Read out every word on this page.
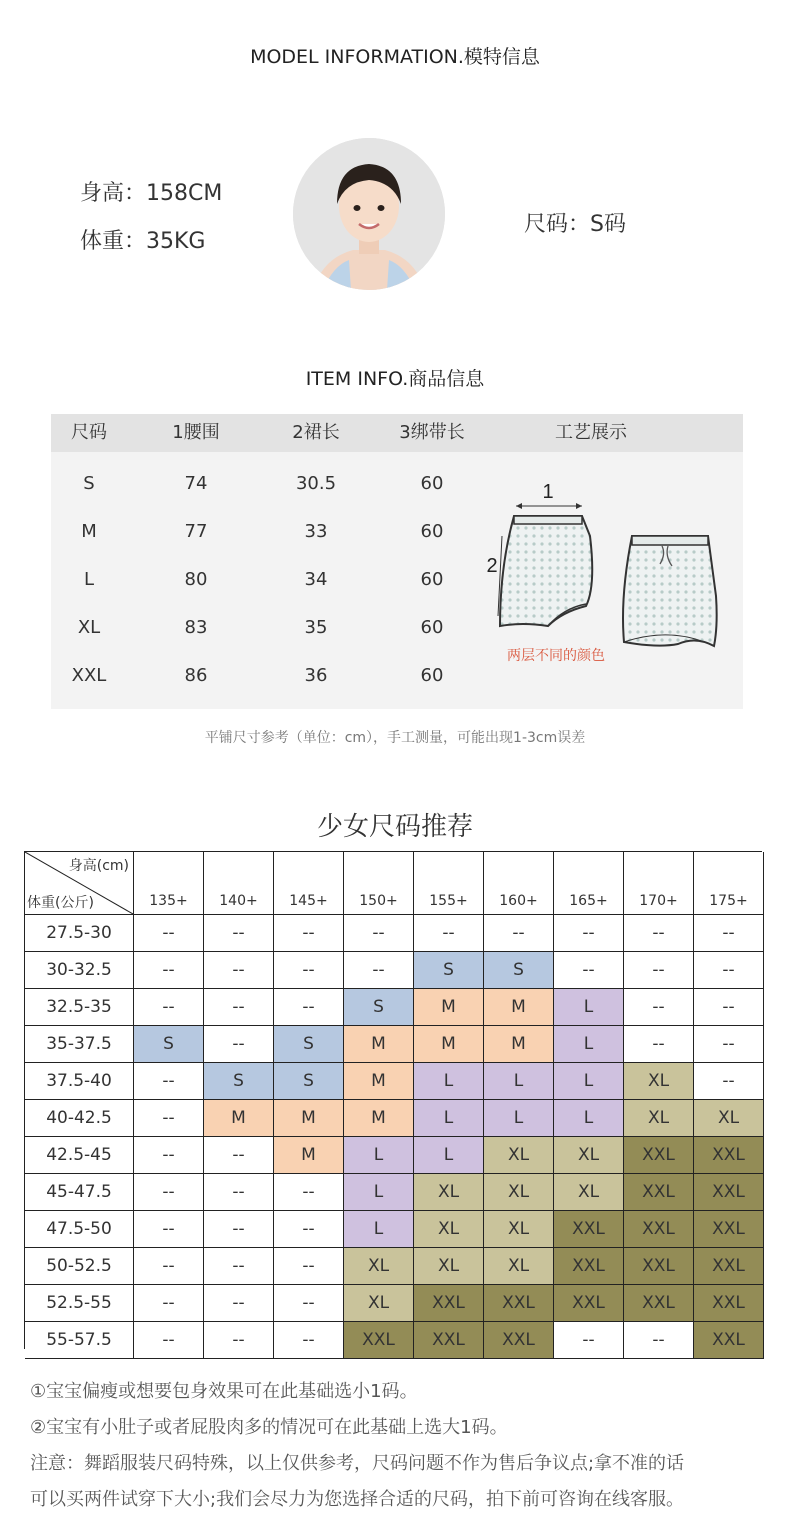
MODEL INFORMATION.模特信息
身高：158CM
体重：35KG
尺码：S码
ITEM INFO.商品信息
尺码	1腰围	2裙长	3绑带长	工艺展示
S	74	30.5	60
M	77	33	60
L	80	34	60
XL	83	35	60
XXL	86	36	60
1
2
两层不同的颜色
平铺尺寸参考（单位：cm），手工测量，可能出现1-3cm误差
少女尺码推荐
身高(cm)
体重(公斤)	135+	140+	145+	150+	155+	160+	165+	170+	175+
27.5-30	--	--	--	--	--	--	--	--	--
30-32.5	--	--	--	--	S	S	--	--	--
32.5-35	--	--	--	S	M	M	L	--	--
35-37.5	S	--	S	M	M	M	L	--	--
37.5-40	--	S	S	M	L	L	L	XL	--
40-42.5	--	M	M	M	L	L	L	XL	XL
42.5-45	--	--	M	L	L	XL	XL	XXL	XXL
45-47.5	--	--	--	L	XL	XL	XL	XXL	XXL
47.5-50	--	--	--	L	XL	XL	XXL	XXL	XXL
50-52.5	--	--	--	XL	XL	XL	XXL	XXL	XXL
52.5-55	--	--	--	XL	XXL	XXL	XXL	XXL	XXL
55-57.5	--	--	--	XXL	XXL	XXL	--	--	XXL
①宝宝偏瘦或想要包身效果可在此基础选小1码。
②宝宝有小肚子或者屁股肉多的情况可在此基础上选大1码。
注意：舞蹈服装尺码特殊，以上仅供参考，尺码问题不作为售后争议点;拿不准的话
可以买两件试穿下大小;我们会尽力为您选择合适的尺码，拍下前可咨询在线客服。
